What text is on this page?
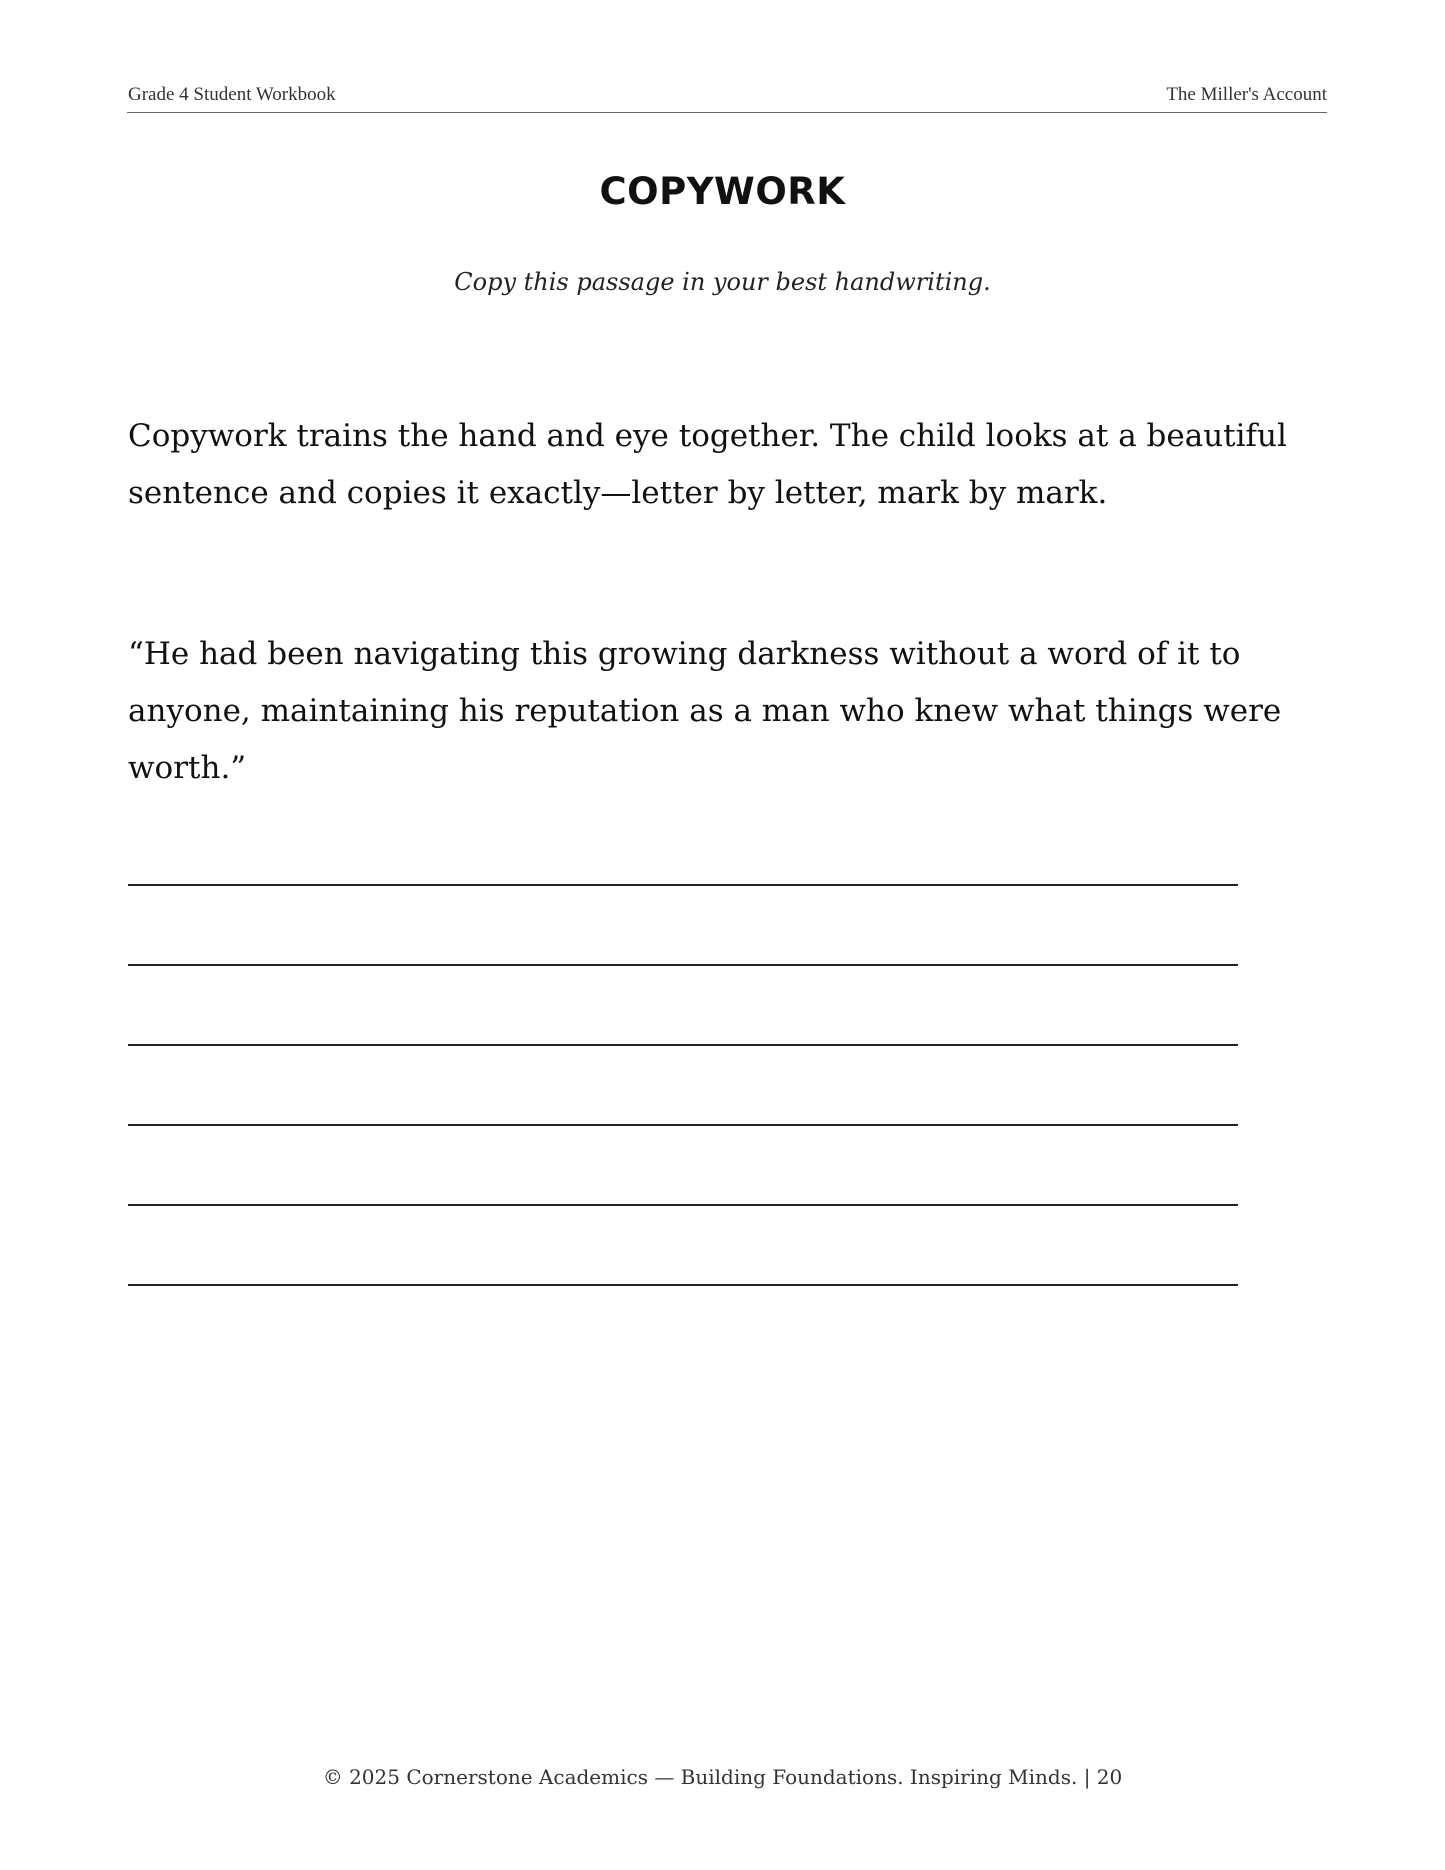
Grade 4 Student Workbook	The Miller's Account
COPYWORK
Copy this passage in your best handwriting.
Copywork trains the hand and eye together. The child looks at a beautiful sentence and copies it exactly—letter by letter, mark by mark.
“He had been navigating this growing darkness without a word of it to anyone, maintaining his reputation as a man who knew what things were worth.”
© 2025 Cornerstone Academics — Building Foundations. Inspiring Minds. | 20
